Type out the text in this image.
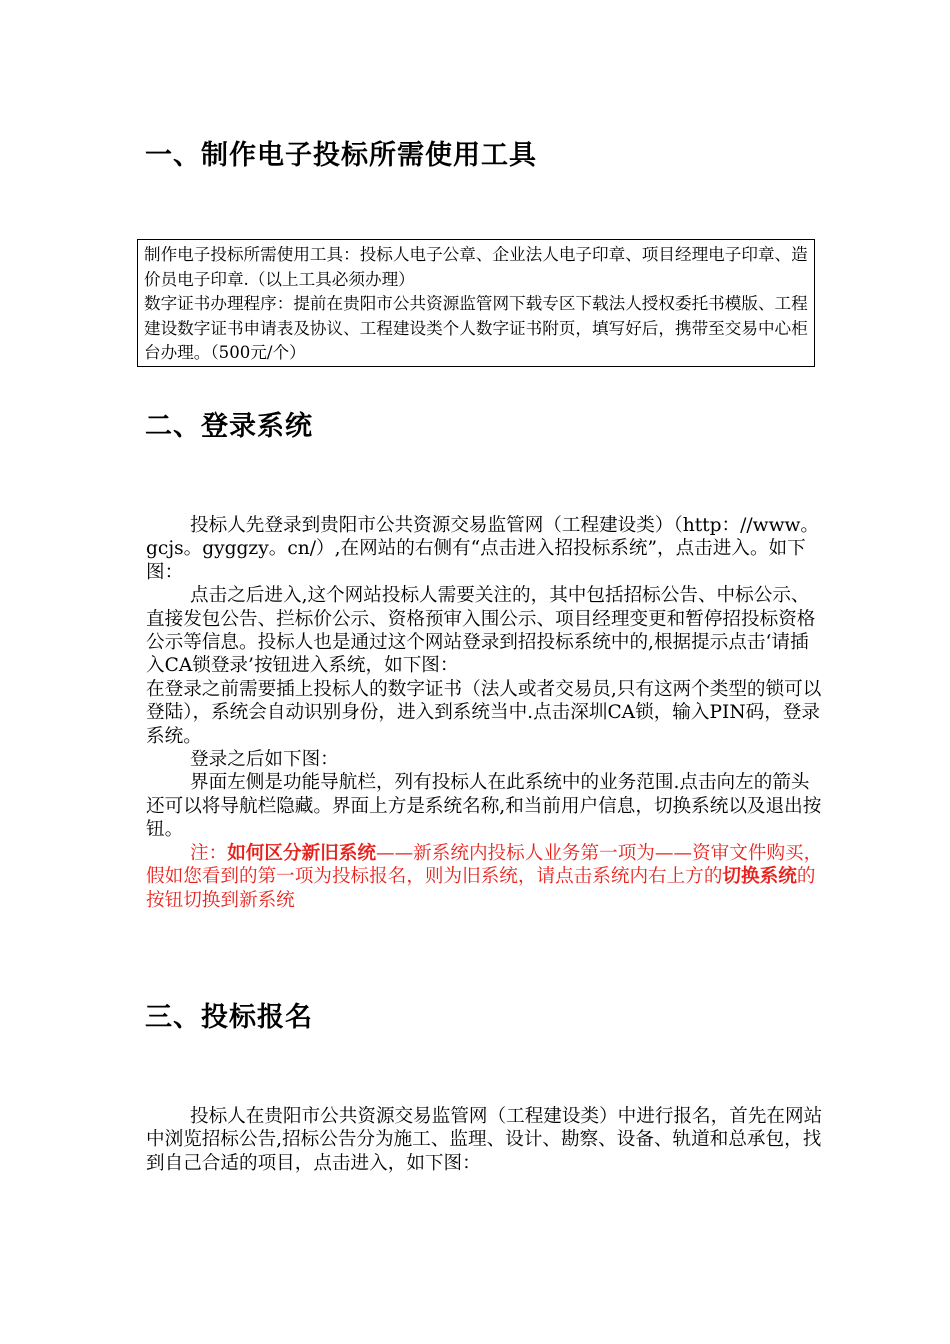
一、制作电子投标所需使用工具

制作电子投标所需使用工具：投标人电子公章、企业法人电子印章、项目经理电子印章、造价员电子印章.（以上工具必须办理）

数字证书办理程序：提前在贵阳市公共资源监管网下载专区下载法人授权委托书模版、工程建设数字证书申请表及协议、工程建设类个人数字证书附页，填写好后，携带至交易中心柜台办理。（500元/个）

二、登录系统

投标人先登录到贵阳市公共资源交易监管网（工程建设类）（http：//www。gcjs。gyggzy。cn/）,在网站的右侧有“点击进入招投标系统”，点击进入。如下图：

点击之后进入,这个网站投标人需要关注的，其中包括招标公告、中标公示、直接发包公告、拦标价公示、资格预审入围公示、项目经理变更和暂停招投标资格公示等信息。投标人也是通过这个网站登录到招投标系统中的,根据提示点击‘请插入CA锁登录’按钮进入系统，如下图：

在登录之前需要插上投标人的数字证书（法人或者交易员,只有这两个类型的锁可以登陆），系统会自动识别身份，进入到系统当中.点击深圳CA锁，输入PIN码，登录系统。

登录之后如下图：

界面左侧是功能导航栏，列有投标人在此系统中的业务范围.点击向左的箭头还可以将导航栏隐藏。界面上方是系统名称,和当前用户信息，切换系统以及退出按钮。

注：如何区分新旧系统——新系统内投标人业务第一项为——资审文件购买，假如您看到的第一项为投标报名，则为旧系统，请点击系统内右上方的切换系统的按钮切换到新系统

三、投标报名

投标人在贵阳市公共资源交易监管网（工程建设类）中进行报名，首先在网站中浏览招标公告,招标公告分为施工、监理、设计、勘察、设备、轨道和总承包，找到自己合适的项目，点击进入，如下图：
